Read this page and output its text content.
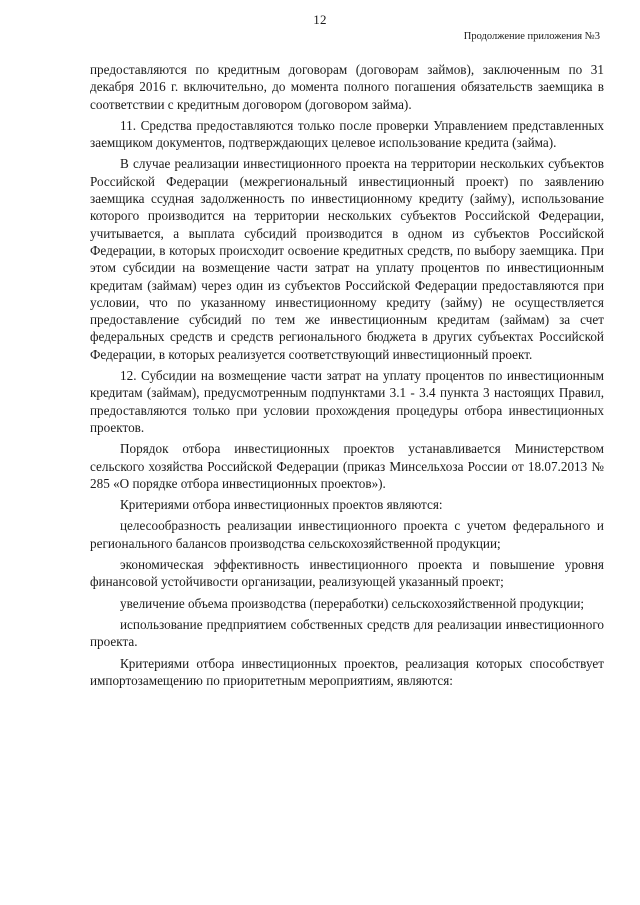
12
Продолжение приложения №3

предоставляются по кредитным договорам (договорам займов), заключенным по 31 декабря 2016 г. включительно, до момента полного погашения обязательств заемщика в соответствии с кредитным договором (договором займа).

11. Средства предоставляются только после проверки Управлением представленных заемщиком документов, подтверждающих целевое использование кредита (займа).

В случае реализации инвестиционного проекта на территории нескольких субъектов Российской Федерации (межрегиональный инвестиционный проект) по заявлению заемщика ссудная задолженность по инвестиционному кредиту (займу), использование которого производится на территории нескольких субъектов Российской Федерации, учитывается, а выплата субсидий производится в одном из субъектов Российской Федерации, в которых происходит освоение кредитных средств, по выбору заемщика. При этом субсидии на возмещение части затрат на уплату процентов по инвестиционным кредитам (займам) через один из субъектов Российской Федерации предоставляются при условии, что по указанному инвестиционному кредиту (займу) не осуществляется предоставление субсидий по тем же инвестиционным кредитам (займам) за счет федеральных средств и средств регионального бюджета в других субъектах Российской Федерации, в которых реализуется соответствующий инвестиционный проект.

12. Субсидии на возмещение части затрат на уплату процентов по инвестиционным кредитам (займам), предусмотренным подпунктами 3.1 - 3.4 пункта 3 настоящих Правил, предоставляются только при условии прохождения процедуры отбора инвестиционных проектов.

Порядок отбора инвестиционных проектов устанавливается Министерством сельского хозяйства Российской Федерации (приказ Минсельхоза России от 18.07.2013 № 285 «О порядке отбора инвестиционных проектов»).

Критериями отбора инвестиционных проектов являются:

целесообразность реализации инвестиционного проекта с учетом федерального и регионального балансов производства сельскохозяйственной продукции;

экономическая эффективность инвестиционного проекта и повышение уровня финансовой устойчивости организации, реализующей указанный проект;

увеличение объема производства (переработки) сельскохозяйственной продукции;

использование предприятием собственных средств для реализации инвестиционного проекта.

Критериями отбора инвестиционных проектов, реализация которых способствует импортозамещению по приоритетным мероприятиям, являются:
